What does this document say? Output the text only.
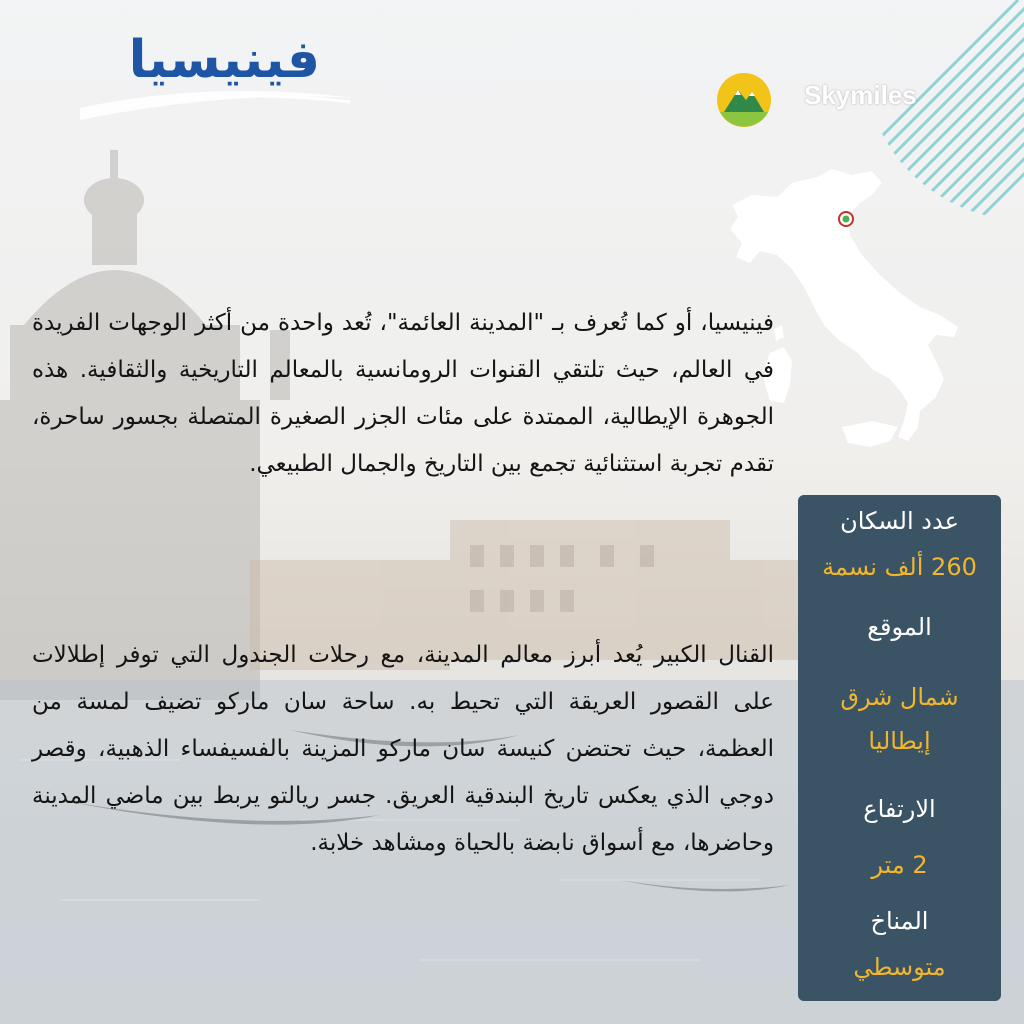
فينيسيا
Skymiles
فينيسيا، أو كما تُعرف بـ "المدينة العائمة"، تُعد واحدة من أكثر الوجهات الفريدة في العالم، حيث تلتقي القنوات الرومانسية بالمعالم التاريخية والثقافية. هذه الجوهرة الإيطالية، الممتدة على مئات الجزر الصغيرة المتصلة بجسور ساحرة، تقدم تجربة استثنائية تجمع بين التاريخ والجمال الطبيعي.
القنال الكبير يُعد أبرز معالم المدينة، مع رحلات الجندول التي توفر إطلالات على القصور العريقة التي تحيط به. ساحة سان ماركو تضيف لمسة من العظمة، حيث تحتضن كنيسة سان ماركو المزينة بالفسيفساء الذهبية، وقصر دوجي الذي يعكس تاريخ البندقية العريق. جسر ريالتو يربط بين ماضي المدينة وحاضرها، مع أسواق نابضة بالحياة ومشاهد خلابة.
عدد السكان
260 ألف نسمة
الموقع
شمال شرق إيطاليا
الارتفاع
2 متر
المناخ
متوسطي
